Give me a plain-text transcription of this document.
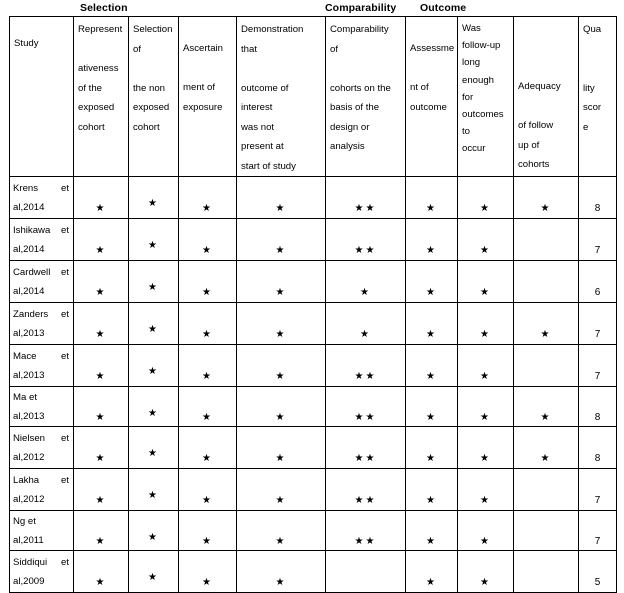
Selection	Comparability Outcome
Study

Represent
ativeness
of the
exposed
cohort

Selection
of
the non
exposed
cohort

Ascertain
ment of
exposure

Demonstration
that
outcome of
interest
was not
present at
start of study

Comparability
of
cohorts on the
basis of the
design or
analysis

Assessme
nt of
outcome

Was
follow-up
long
enough
for
outcomes
to
occur

Adequacy
of follow
up of
cohorts

Qua
lity
scor
e

Krens et
al,2014	★	★	★	★	★★	★	★	★	8

Ishikawa et
al,2014	★	★	★	★	★★	★	★		7

Cardwell et
al,2014	★	★	★	★	★	★	★		6

Zanders et
al,2013	★	★	★	★	★	★	★	★	7

Mace et
al,2013	★	★	★	★	★★	★	★		7

Ma et al,2013	★	★	★	★	★★	★	★	★	8

Nielsen et
al,2012	★	★	★	★	★★	★	★	★	8

Lakha et
al,2012	★	★	★	★	★★	★	★		7

Ng et al,2011	★	★	★	★	★★	★	★		7

Siddiqui et
al,2009	★	★	★	★		★	★		5
